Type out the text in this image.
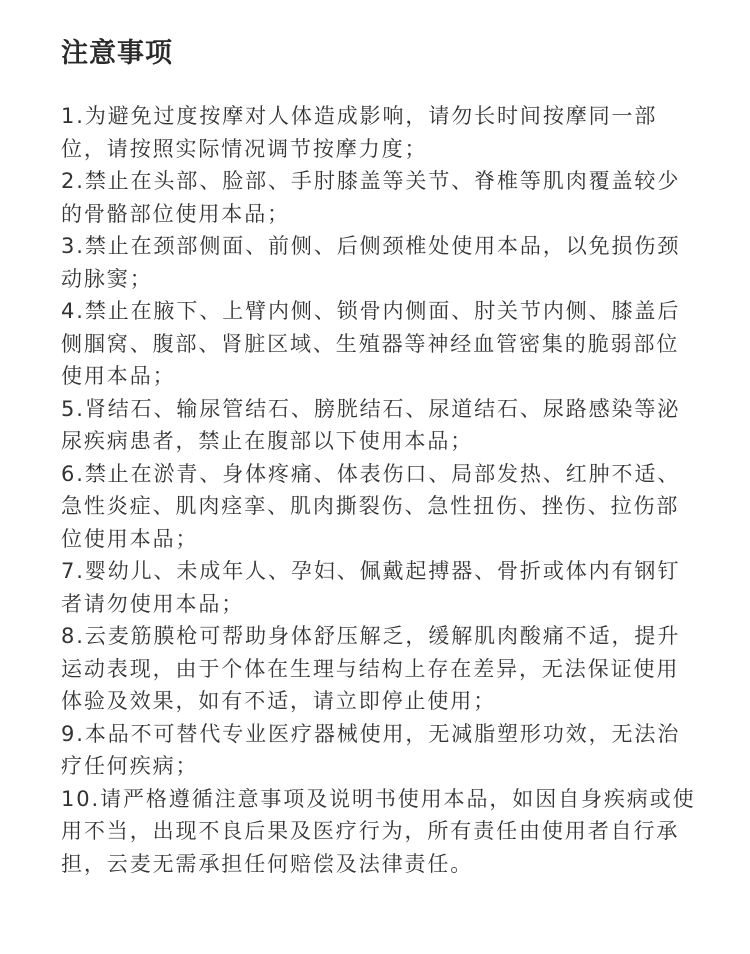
注意事项
1.为避免过度按摩对人体造成影响，请勿长时间按摩同一部位，请按照实际情况调节按摩力度；
2.禁止在头部、脸部、手肘膝盖等关节、脊椎等肌肉覆盖较少的骨骼部位使用本品；
3.禁止在颈部侧面、前侧、后侧颈椎处使用本品，以免损伤颈动脉窦；
4.禁止在腋下、上臂内侧、锁骨内侧面、肘关节内侧、膝盖后侧腘窝、腹部、肾脏区域、生殖器等神经血管密集的脆弱部位使用本品；
5.肾结石、输尿管结石、膀胱结石、尿道结石、尿路感染等泌尿疾病患者，禁止在腹部以下使用本品；
6.禁止在淤青、身体疼痛、体表伤口、局部发热、红肿不适、急性炎症、肌肉痉挛、肌肉撕裂伤、急性扭伤、挫伤、拉伤部位使用本品；
7.婴幼儿、未成年人、孕妇、佩戴起搏器、骨折或体内有钢钉者请勿使用本品；
8.云麦筋膜枪可帮助身体舒压解乏，缓解肌肉酸痛不适，提升运动表现，由于个体在生理与结构上存在差异，无法保证使用体验及效果，如有不适，请立即停止使用；
9.本品不可替代专业医疗器械使用，无减脂塑形功效，无法治疗任何疾病；
10.请严格遵循注意事项及说明书使用本品，如因自身疾病或使用不当，出现不良后果及医疗行为，所有责任由使用者自行承担，云麦无需承担任何赔偿及法律责任。
